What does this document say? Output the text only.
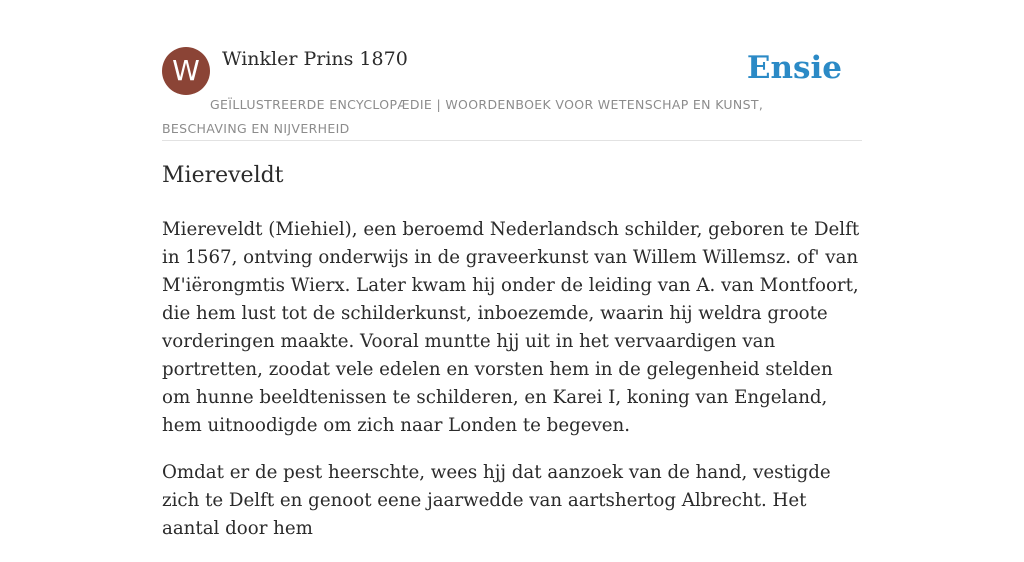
W	Winkler Prins 1870	Ensie
GEÏLLUSTREERDE ENCYCLOPÆDIE | WOORDENBOEK VOOR WETENSCHAP EN KUNST, BESCHAVING EN NIJVERHEID
Miereveldt

Miereveldt (Miehiel), een beroemd Nederlandsch schilder, geboren te Delft in 1567, ontving onderwijs in de graveerkunst van Willem Willemsz. of' van M'iërongmtis Wierx. Later kwam hij onder de leiding van A. van Montfoort, die hem lust tot de schilderkunst, inboezemde, waarin hij weldra groote vorderingen maakte. Vooral muntte hjj uit in het vervaardigen van portretten, zoodat vele edelen en vorsten hem in de gelegenheid stelden om hunne beeldtenissen te schilderen, en Karei I, koning van Engeland, hem uitnoodigde om zich naar Londen te begeven.

Omdat er de pest heerschte, wees hjj dat aanzoek van de hand, vestigde zich te Delft en genoot eene jaarwedde van aartshertog Albrecht. Het aantal door hem
